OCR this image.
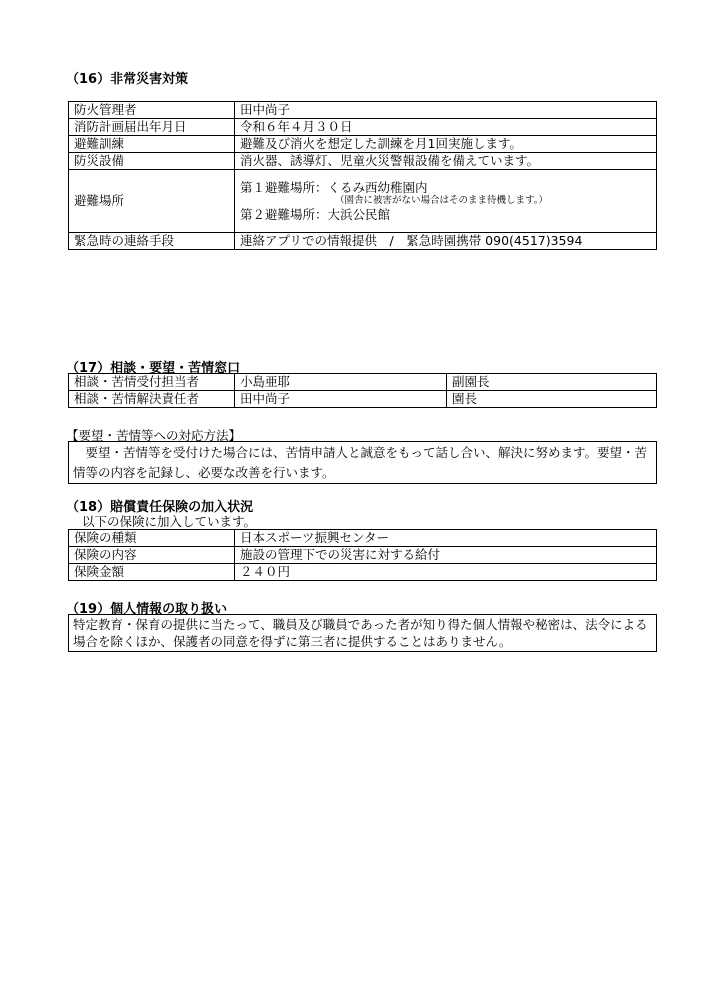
（16）非常災害対策
防火管理者	田中尚子
消防計画届出年月日	令和６年４月３０日
避難訓練	避難及び消火を想定した訓練を月1回実施します。
防災設備	消火器、誘導灯、児童火災警報設備を備えています。
避難場所	第１避難場所：くるみ西幼稚園内
（園舎に被害がない場合はそのまま待機します。）
第２避難場所：大浜公民館

緊急時の連絡手段	連絡アプリでの情報提供　/　緊急時園携帯 090(4517)3594
（17）相談・要望・苦情窓口
相談・苦情受付担当者	小島亜耶	副園長
相談・苦情解決責任者	田中尚子	園長
【要望・苦情等への対応方法】
　要望・苦情等を受付けた場合には、苦情申請人と誠意をもって話し合い、解決に努めます。要望・苦情等の内容を記録し、必要な改善を行います。
（18）賠償責任保険の加入状況
以下の保険に加入しています。
保険の種類	日本スポーツ振興センター
保険の内容	施設の管理下での災害に対する給付
保険金額	２４０円
（19）個人情報の取り扱い
特定教育・保育の提供に当たって、職員及び職員であった者が知り得た個人情報や秘密は、法令による場合を除くほか、保護者の同意を得ずに第三者に提供することはありません。
